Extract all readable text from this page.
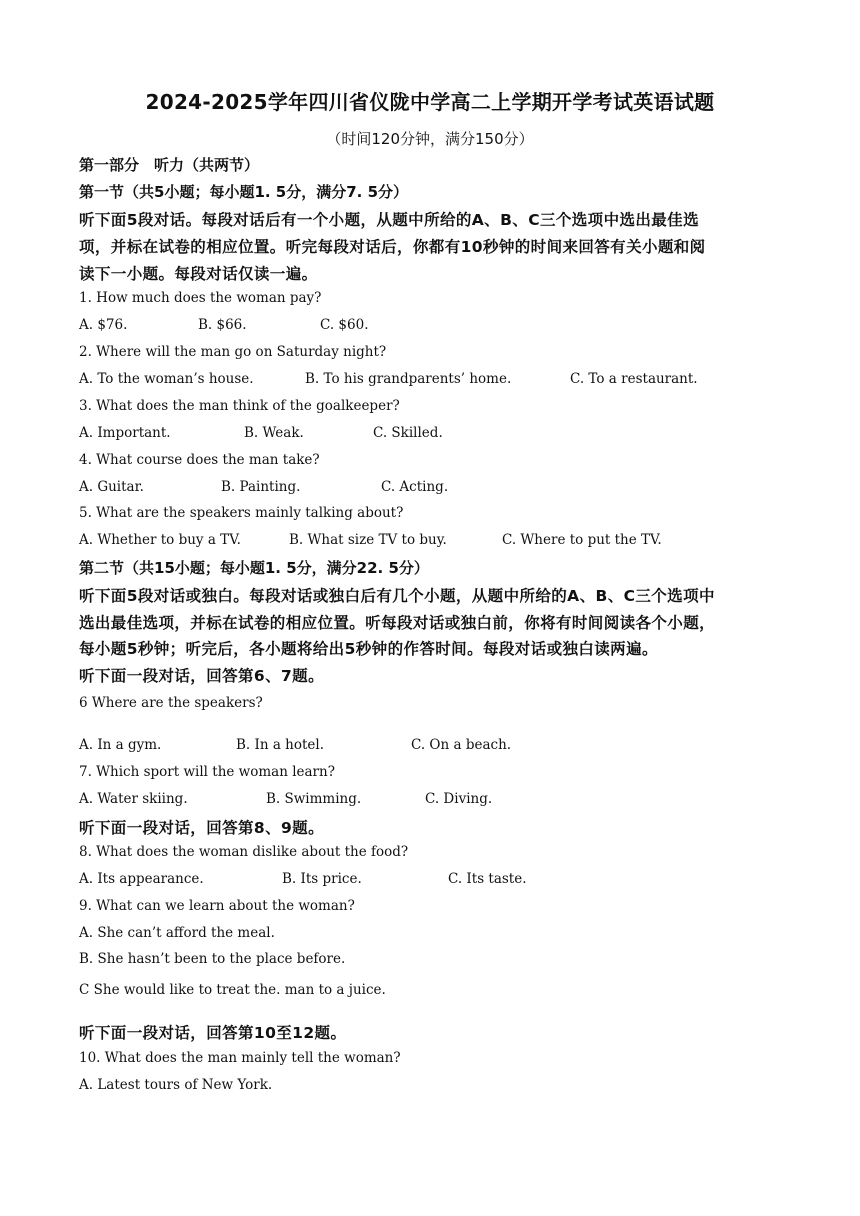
2024-2025学年四川省仪陇中学高二上学期开学考试英语试题
（时间120分钟，满分150分）
第一部分　听力（共两节）
第一节（共5小题；每小题1. 5分，满分7. 5分）
听下面5段对话。每段对话后有一个小题，从题中所给的A、B、C三个选项中选出最佳选
项，并标在试卷的相应位置。听完每段对话后，你都有10秒钟的时间来回答有关小题和阅
读下一小题。每段对话仅读一遍。
1. How much does the woman pay?
A. $76.	B. $66.	C. $60.
2. Where will the man go on Saturday night?
A. To the woman’s house.	B. To his grandparents’ home.	C. To a restaurant.
3. What does the man think of the goalkeeper?
A. Important.	B. Weak.	C. Skilled.
4. What course does the man take?
A. Guitar.	B. Painting.	C. Acting.
5. What are the speakers mainly talking about?
A. Whether to buy a TV.	B. What size TV to buy.	C. Where to put the TV.
第二节（共15小题；每小题1. 5分，满分22. 5分）
听下面5段对话或独白。每段对话或独白后有几个小题，从题中所给的A、B、C三个选项中
选出最佳选项，并标在试卷的相应位置。听每段对话或独白前，你将有时间阅读各个小题，
每小题5秒钟；听完后，各小题将给出5秒钟的作答时间。每段对话或独白读两遍。
听下面一段对话，回答第6、7题。
6 Where are the speakers?
A. In a gym.	B. In a hotel.	C. On a beach.
7. Which sport will the woman learn?
A. Water skiing.	B. Swimming.	C. Diving.
听下面一段对话，回答第8、9题。
8. What does the woman dislike about the food?
A. Its appearance.	B. Its price.	C. Its taste.
9. What can we learn about the woman?
A. She can’t afford the meal.
B. She hasn’t been to the place before.
C She would like to treat the. man to a juice.
听下面一段对话，回答第10至12题。
10. What does the man mainly tell the woman?
A. Latest tours of New York.
